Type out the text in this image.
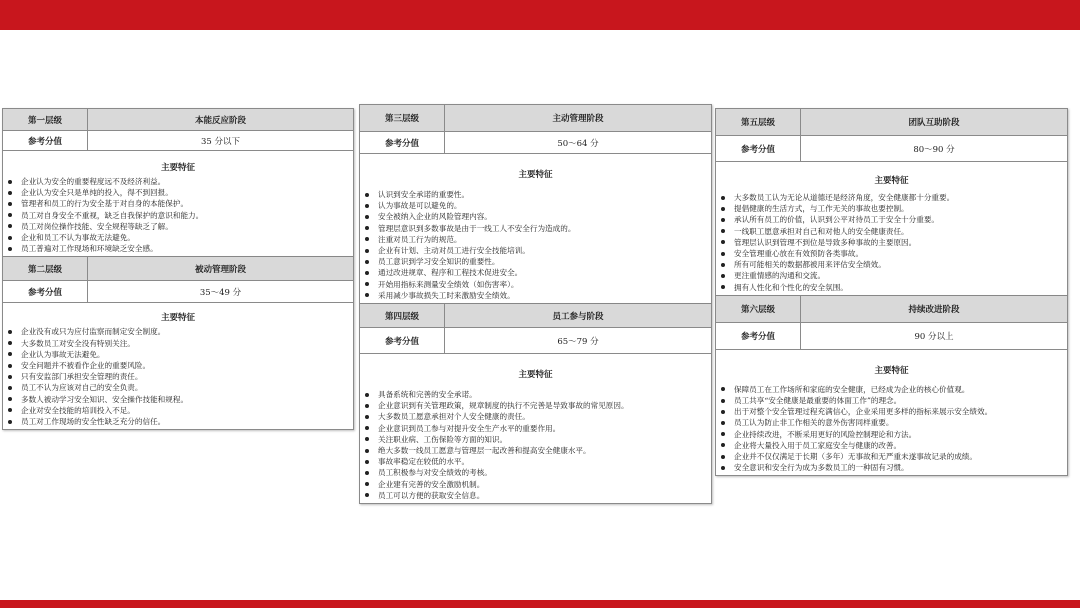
第一层级	本能反应阶段
参考分值	35 分以下
主要特征
企业认为安全的重要程度远不及经济利益。
企业认为安全只是单纯的投入，得不到回报。
管理者和员工的行为安全基于对自身的本能保护。
员工对自身安全不重视，缺乏自我保护的意识和能力。
员工对岗位操作技能、安全规程等缺乏了解。
企业和员工不认为事故无法避免。
员工普遍对工作现场和环境缺乏安全感。
第二层级	被动管理阶段
参考分值	35～49 分
主要特征
企业没有或只为应付监察而制定安全制度。
大多数员工对安全没有特别关注。
企业认为事故无法避免。
安全问题并不被看作企业的重要风险。
只有安监部门承担安全管理的责任。
员工不认为应该对自己的安全负责。
多数人被动学习安全知识、安全操作技能和规程。
企业对安全技能的培训投入不足。
员工对工作现场的安全性缺乏充分的信任。
第三层级	主动管理阶段
参考分值	50～64 分
主要特征
认识到安全承诺的重要性。
认为事故是可以避免的。
安全被纳入企业的风险管理内容。
管理层意识到多数事故是由于一线工人不安全行为造成的。
注重对员工行为的规范。
企业有计划、主动对员工进行安全技能培训。
员工意识到学习安全知识的重要性。
通过改进规章、程序和工程技术促进安全。
开始用指标来测量安全绩效（如伤害率）。
采用减少事故损失工时来激励安全绩效。
第四层级	员工参与阶段
参考分值	65～79 分
主要特征
具备系统和完善的安全承诺。
企业意识到有关管理政策，规章制度的执行不完善是导致事故的常见原因。
大多数员工愿意承担对个人安全健康的责任。
企业意识到员工参与对提升安全生产水平的重要作用。
关注职业病、工伤保险等方面的知识。
绝大多数一线员工愿意与管理层一起改善和提高安全健康水平。
事故率稳定在较低的水平。
员工积极参与对安全绩效的考核。
企业建有完善的安全激励机制。
员工可以方便的获取安全信息。
第五层级	团队互助阶段
参考分值	80～90 分
主要特征
大多数员工认为无论从道德还是经济角度，安全健康都十分重要。
提倡健康的生活方式，与工作无关的事故也要控制。
承认所有员工的价值，认识到公平对待员工于安全十分重要。
一线职工愿意承担对自己和对他人的安全健康责任。
管理层认识到管理不到位是导致多种事故的主要原因。
安全管理重心放在有效预防各类事故。
所有可能相关的数据都被用来评估安全绩效。
更注重情感的沟通和交流。
拥有人性化和个性化的安全氛围。
第六层级	持续改进阶段
参考分值	90 分以上
主要特征
保障员工在工作场所和家庭的安全健康，已经成为企业的核心价值观。
员工共享“安全健康是最重要的体面工作”的理念。
出于对整个安全管理过程充满信心，企业采用更多样的指标来展示安全绩效。
员工认为防止非工作相关的意外伤害同样重要。
企业持续改进，不断采用更好的风险控制理论和方法。
企业将大量投入用于员工家庭安全与健康的改善。
企业并不仅仅满足于长期（多年）无事故和无严重未遂事故记录的成绩。
安全意识和安全行为成为多数员工的一种固有习惯。
